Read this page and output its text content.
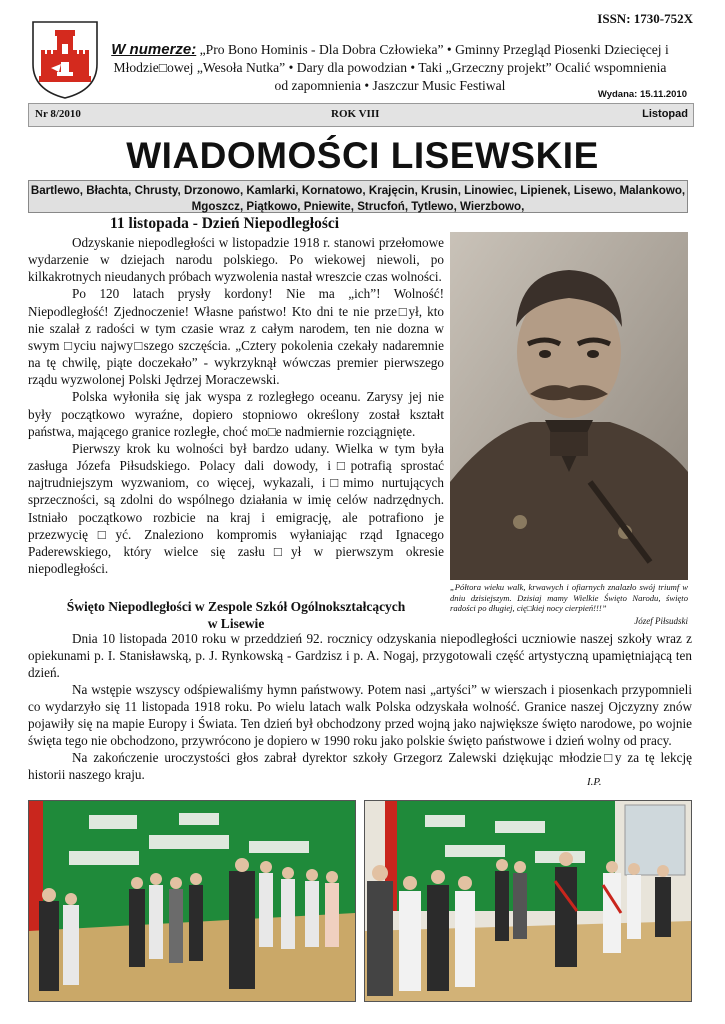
ISSN: 1730-752X
W numerze: „Pro Bono Hominis - Dla Dobra Człowieka” • Gminny Przegląd Piosenki Dziecięcej i Młodzie□owej „Wesoła Nutka” • Dary dla powodzian • Taki „Grzeczny projekt” Ocalić wspomnienia od zapomnienia • Jaszczur Music Festiwal
Wydana: 15.11.2010
Nr 8/2010	ROK VIII	Listopad
WIADOMOŚCI LISEWSKIE
Bartlewo, Błachta, Chrusty, Drzonowo, Kamlarki, Kornatowo, Krajęcin, Krusin, Linowiec, Lipienek, Lisewo, Malankowo, Mgoszcz, Piątkowo, Pniewite, Strucfoń, Tytlewo, Wierzbowo,
11 listopada - Dzień Niepodległości

Odzyskanie niepodległości w listopadzie 1918 r. stanowi przełomowe wydarzenie w dziejach narodu polskiego. Po wiekowej niewoli, po kilkakrotnych nieudanych próbach wyzwolenia nastał wreszcie czas wolności.

Po 120 latach prysły kordony! Nie ma „ich”! Wolność! Niepodległość! Zjednoczenie! Własne państwo! Kto dni te nie prze□ył, kto nie szalał z radości w tym czasie wraz z całym narodem, ten nie dozna w swym □yciu najwy□szego szczęścia. „Cztery pokolenia czekały nadaremnie na tę chwilę, piąte doczekało” - wykrzyknął wówczas premier pierwszego rządu wyzwolonej Polski Jędrzej Moraczewski.

Polska wyłoniła się jak wyspa z rozległego oceanu. Zarysy jej nie były początkowo wyraźne, dopiero stopniowo określony został kształt państwa, mającego granice rozległe, choć mo□e nadmiernie rozciągnięte.

Pierwszy krok ku wolności był bardzo udany. Wielka w tym była zasługa Józefa Piłsudskiego. Polacy dali dowody, i□potrafią sprostać najtrudniejszym wyzwaniom, co więcej, wykazali, i□mimo nurtujących sprzeczności, są zdolni do wspólnego działania w imię celów nadrzędnych. Istniało początkowo rozbicie na kraj i emigrację, ale potrafiono je przezwycię□yć. Znaleziono kompromis wyłaniając rząd Ignacego Paderewskiego, który wielce się zasłu□ył w pierwszym okresie niepodległości.

„Półtora wieku walk, krwawych i ofiarnych znalazło swój triumf w dniu dzisiejszym. Dzisiaj mamy Wielkie Święto Narodu, święto radości po długiej, cię□kiej nocy cierpień!!!”
Józef Piłsudski
Święto Niepodległości w Zespole Szkół Ogólnokształcących
w Lisewie

Dnia 10 listopada 2010 roku w przeddzień 92. rocznicy odzyskania niepodległości uczniowie naszej szkoły wraz z opiekunami p. I. Stanisławską, p. J. Rynkowską - Gardzisz i p. A. Nogaj, przygotowali część artystyczną upamiętniającą ten dzień.

Na wstępie wszyscy odśpiewaliśmy hymn państwowy. Potem nasi „artyści” w wierszach i piosenkach przypomnieli co wydarzyło się 11 listopada 1918 roku. Po wielu latach walk Polska odzyskała wolność. Granice naszej Ojczyzny znów pojawiły się na mapie Europy i Świata. Ten dzień był obchodzony przed wojną jako największe święto narodowe, po wojnie święta tego nie obchodzono, przywrócono je dopiero w 1990 roku jako polskie święto państwowe i dzień wolny od pracy.

Na zakończenie uroczystości głos zabrał dyrektor szkoły Grzegorz Zalewski dziękując młodzie□y za tę lekcję historii naszego kraju.	I.P.
